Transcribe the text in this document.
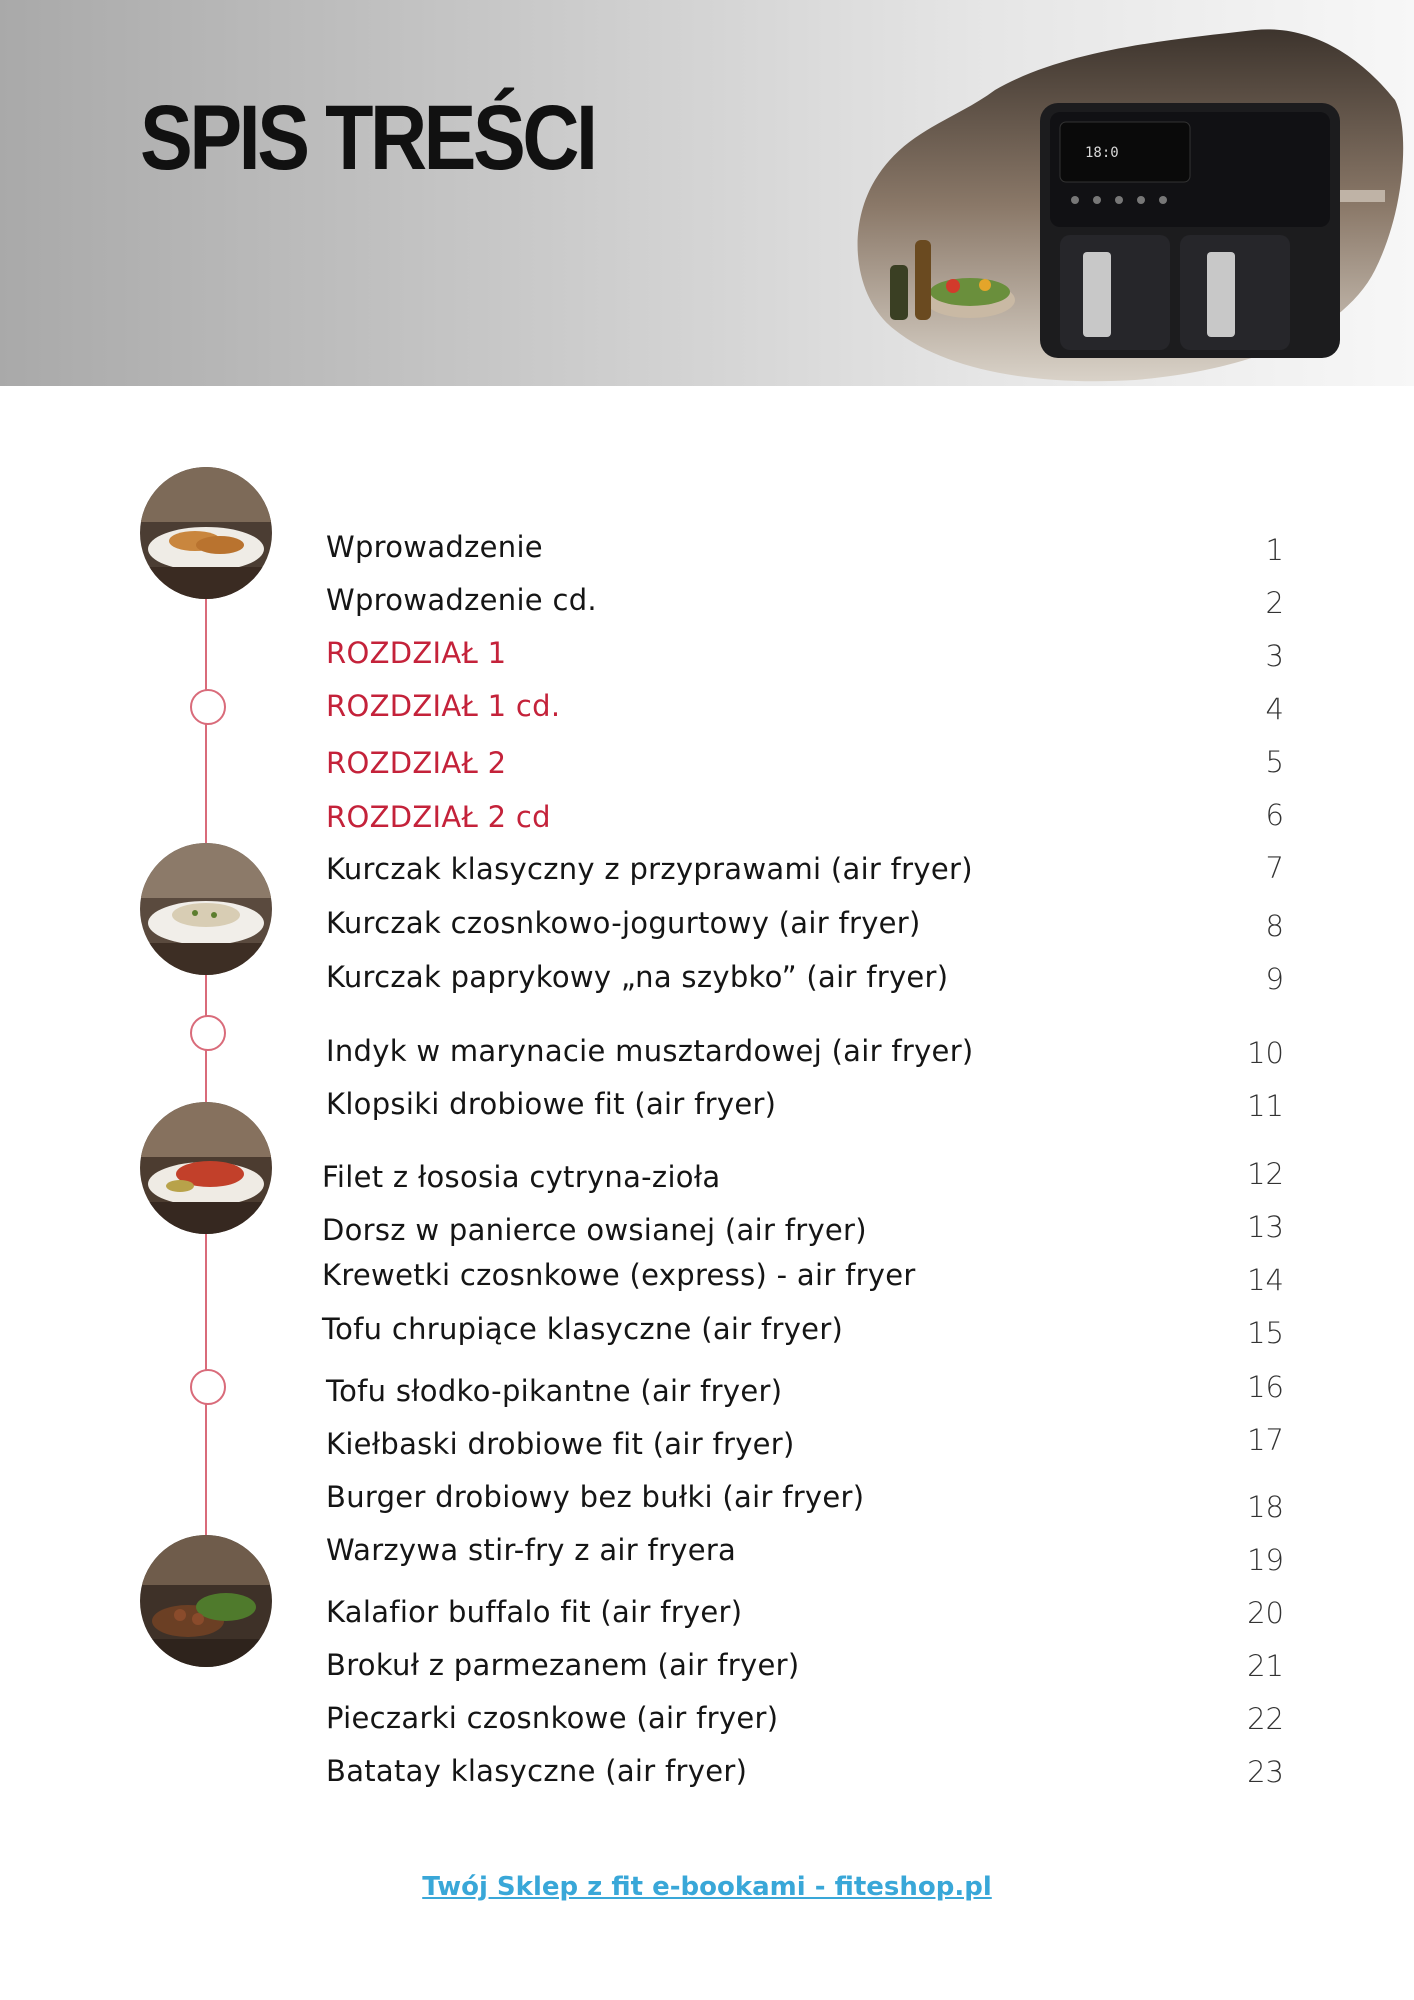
SPIS TREŚCI	18:0
Wprowadzenie	1
Wprowadzenie cd.	2
ROZDZIAŁ 1	3
ROZDZIAŁ 1 cd.	4
ROZDZIAŁ 2	5
ROZDZIAŁ 2 cd	6
Kurczak klasyczny z przyprawami (air fryer)	7
Kurczak czosnkowo-jogurtowy (air fryer)	8
Kurczak paprykowy „na szybko” (air fryer)	9
Indyk w marynacie musztardowej (air fryer)	10
Klopsiki drobiowe fit (air fryer)	11
Filet z łososia cytryna-zioła	12
Dorsz w panierce owsianej (air fryer)	13
Krewetki czosnkowe (express) - air fryer	14
Tofu chrupiące klasyczne (air fryer)	15
Tofu słodko-pikantne (air fryer)	16
Kiełbaski drobiowe fit (air fryer)	17
Burger drobiowy bez bułki (air fryer)	18
Warzywa stir-fry z air fryera	19
Kalafior buffalo fit (air fryer)	20
Brokuł z parmezanem (air fryer)	21
Pieczarki czosnkowe (air fryer)	22
Batatay klasyczne (air fryer)	23
Twój Sklep z fit e-bookami - fiteshop.pl
